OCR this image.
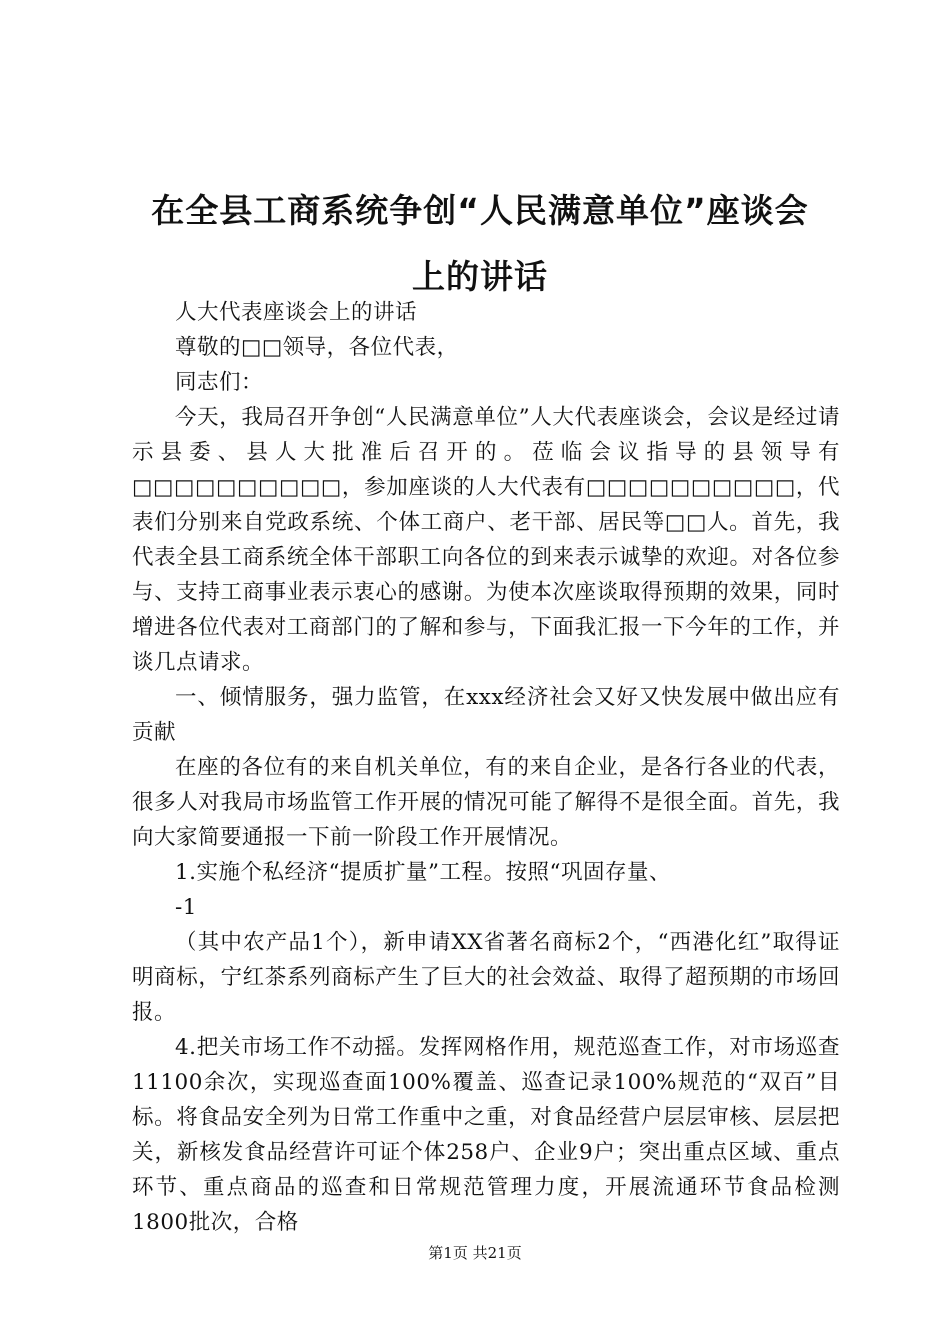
在全县工商系统争创“人民满意单位”座谈会
上的讲话

人大代表座谈会上的讲话

尊敬的□□领导，各位代表，

同志们：

今天，我局召开争创“人民满意单位”人大代表座谈会，会议是经过请示县委、县人大批准后召开的。莅临会议指导的县领导有□□□□□□□□□□，参加座谈的人大代表有□□□□□□□□□□，代表们分别来自党政系统、个体工商户、老干部、居民等□□人。首先，我代表全县工商系统全体干部职工向各位的到来表示诚挚的欢迎。对各位参与、支持工商事业表示衷心的感谢。为使本次座谈取得预期的效果，同时增进各位代表对工商部门的了解和参与，下面我汇报一下今年的工作，并谈几点请求。

一、倾情服务，强力监管，在xxx经济社会又好又快发展中做出应有贡献

在座的各位有的来自机关单位，有的来自企业，是各行各业的代表，很多人对我局市场监管工作开展的情况可能了解得不是很全面。首先，我向大家简要通报一下前一阶段工作开展情况。

1.实施个私经济“提质扩量”工程。按照“巩固存量、

-1

（其中农产品1个），新申请XX省著名商标2个，“西港化红”取得证明商标，宁红茶系列商标产生了巨大的社会效益、取得了超预期的市场回报。

4.把关市场工作不动摇。发挥网格作用，规范巡查工作，对市场巡查11100余次，实现巡查面100%覆盖、巡查记录100%规范的“双百”目标。将食品安全列为日常工作重中之重，对食品经营户层层审核、层层把关，新核发食品经营许可证个体258户、企业9户；突出重点区域、重点环节、重点商品的巡查和日常规范管理力度，开展流通环节食品检测1800批次，合格

第1页 共21页
